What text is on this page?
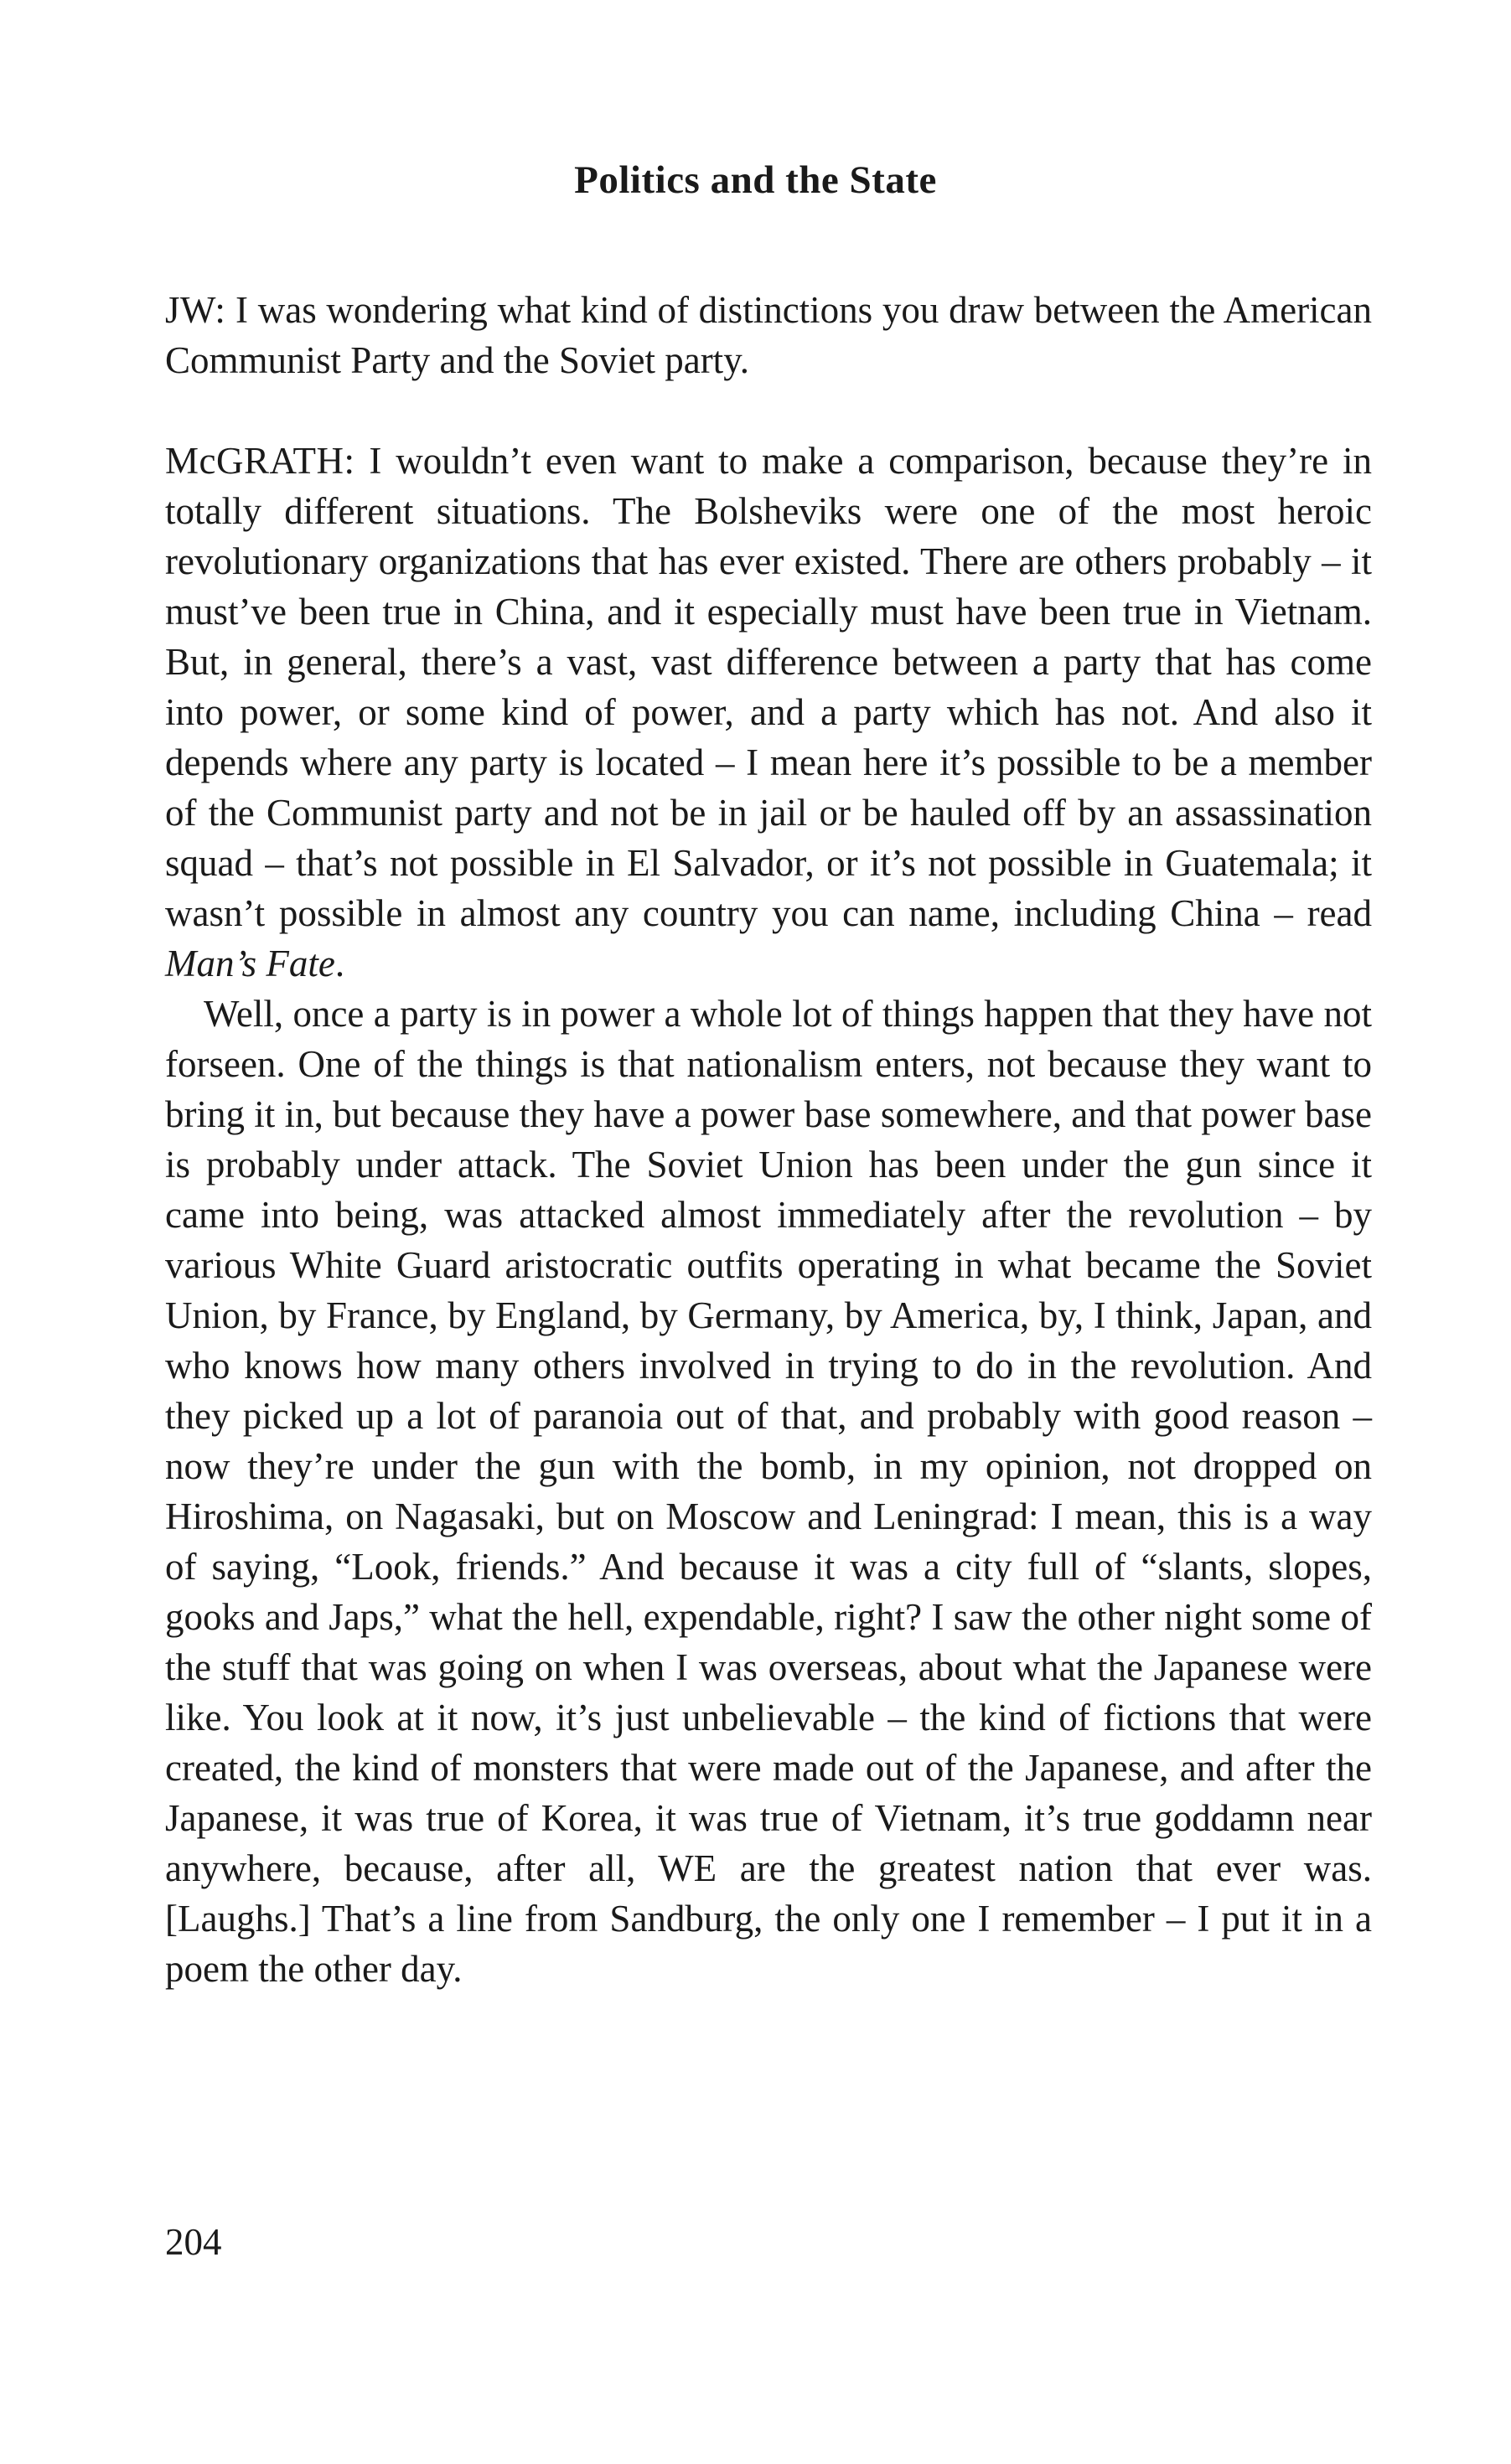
Politics and the State

JW: I was wondering what kind of distinctions you draw between the American Communist Party and the Soviet party.

McGRATH: I wouldn’t even want to make a comparison, because they’re in totally different situations. The Bolsheviks were one of the most heroic revolutionary organizations that has ever existed. There are others probably – it must’ve been true in China, and it especially must have been true in Vietnam. But, in general, there’s a vast, vast difference between a party that has come into power, or some kind of power, and a party which has not. And also it depends where any party is located – I mean here it’s possible to be a member of the Communist party and not be in jail or be hauled off by an assassination squad – that’s not possible in El Salvador, or it’s not possible in Guatemala; it wasn’t possible in almost any country you can name, including China – read Man’s Fate.

Well, once a party is in power a whole lot of things happen that they have not forseen. One of the things is that nationalism enters, not because they want to bring it in, but because they have a power base somewhere, and that power base is probably under attack. The Soviet Union has been under the gun since it came into being, was attacked almost immediately after the revolution – by various White Guard aristocratic outfits operating in what became the Soviet Union, by France, by England, by Germany, by America, by, I think, Japan, and who knows how many others involved in trying to do in the revolution. And they picked up a lot of paranoia out of that, and probably with good reason – now they’re under the gun with the bomb, in my opinion, not dropped on Hiroshima, on Nagasaki, but on Moscow and Leningrad: I mean, this is a way of saying, “Look, friends.” And because it was a city full of “slants, slopes, gooks and Japs,” what the hell, expendable, right? I saw the other night some of the stuff that was going on when I was overseas, about what the Japanese were like. You look at it now, it’s just unbelievable – the kind of fictions that were created, the kind of monsters that were made out of the Japanese, and after the Japanese, it was true of Korea, it was true of Vietnam, it’s true goddamn near anywhere, because, after all, WE are the greatest nation that ever was. [Laughs.] That’s a line from Sandburg, the only one I remember – I put it in a poem the other day.

204
